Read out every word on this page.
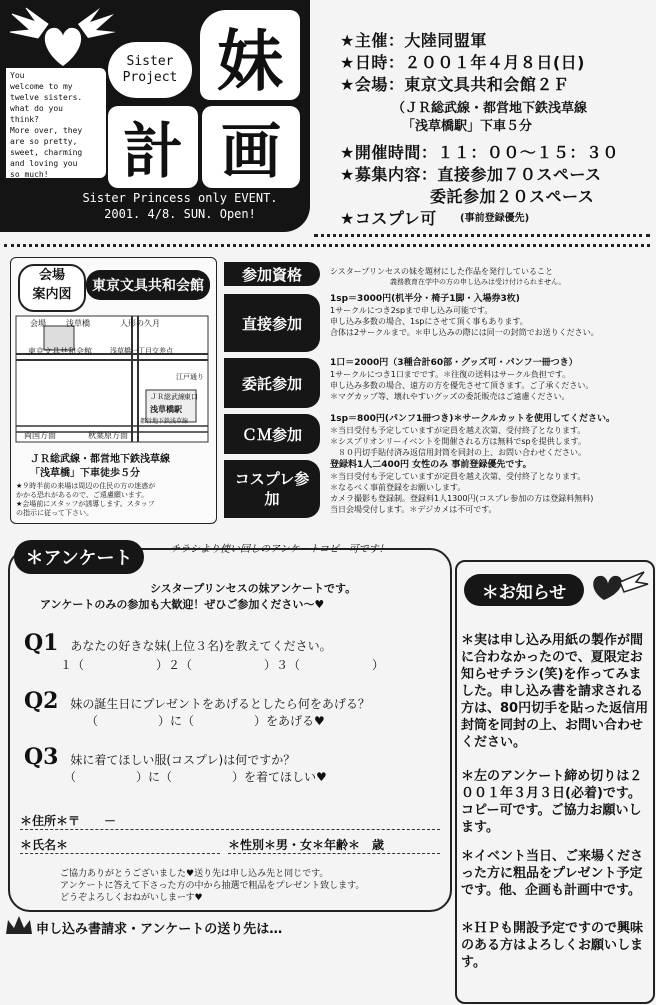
You
welcome to my
twelve sisters.
what do you
think?
More over, they
are so pretty,
sweet, charming
and loving you
so much!
Sister
Project 妹
計 画
Sister Princess only EVENT.
2001. 4/8. SUN. Open!
★主催：大陸同盟軍
★日時：２００１年４月８日(日)
★会場：東京文具共和会館２Ｆ
（ＪＲ総武線・都営地下鉄浅草線
「浅草橋駅」下車５分
★開催時間：１１：００～１５：３０
★募集内容：直接参加７０スペース
委託参加２０スペース
★コスプレ可 (事前登録優先)
会場
案内図
東京文具共和会館
会場	浅草橋	人形の久月
東京文具共和会館	浅草橋一丁目交差点
江戸通り
ＪＲ総武線 東口
浅草橋駅
都営地下鉄浅草線
両国方面	秋葉原方面
ＪＲ総武線・都営地下鉄浅草線
「浅草橋」下車徒歩５分
★９時半前の来場は周辺の住民の方の迷惑が
かかる恐れがあるので、ご遠慮願います。
★会場前にスタッフが誘導します。スタッフ
の指示に従って下さい。
参加資格	シスタープリンセスの妹を題材にした作品を発行していること
義務教育在学中の方の申し込みは受け付けられません。
直接参加
1sp＝3000円(机半分・椅子1脚・入場券3枚)
1サークルにつき2spまで申し込み可能です。
申し込み多数の場合、1spにさせて頂く事もあります。
合体は2サークルまで。＊申し込みの際には同一の封筒でお送りください。
委託参加
1口＝2000円（3種合計60部・グッズ可・パンフ一冊つき）
1サークルにつき1口までです。＊往復の送料はサークル負担です。
申し込み多数の場合、遠方の方を優先させて頂きます。ご了承ください。
＊マグカップ等、壊れやすいグッズの委託販売はご遠慮ください。
ＣＭ参加
1sp＝800円(パンフ1冊つき)＊サークルカットを使用してください。
＊当日受付も予定していますが定員を越え次第、受付終了となります。
＊シスプリオンリーイベントを開催される方は無料でspを提供します。
　８０円切手貼付済み返信用封筒を同封の上、お問い合わせください。
コスプレ参加
登録料1人二400円 女性のみ 事前登録優先です。
＊当日受付も予定していますが定員を越え次第、受付終了となります。
＊なるべく事前登録をお願いします。
カメラ撮影も登録制。登録料1人1300円(コスプレ参加の方は登録料無料)
当日会場受付します。＊デジカメは不可です。
＊アンケート	チラシより使い回しのアンケートコピー可です！
シスタープリンセスの妹アンケートです。
アンケートのみの参加も大歓迎！ぜひご参加ください～♥
Q1 あなたの好きな妹(上位３名)を教えてください。
１（　　　　　　）２（　　　　　　）３（　　　　　　）
Q2 妹の誕生日にプレゼントをあげるとしたら何をあげる？
（　　　　　）に（　　　　　）をあげる♥
Q3 妹に着てほしい服(コスプレ)は何ですか？
（　　　　　）に（　　　　　）を着てほしい♥
＊住所＊〒　　－
＊氏名＊	＊性別＊男・女＊年齢＊　歳
ご協力ありがとうございました♥送り先は申し込み先と同じです。
アンケートに答えて下さった方の中から抽選で粗品をプレゼント致します。
どうぞよろしくおねがいしまーす♥
申し込み書請求・アンケートの送り先は…
＊お知らせ
＊実は申し込み用紙の製作が間に合わなかったので、夏限定お知らせチラシ(笑)を作ってみました。申し込み書を請求される方は、80円切手を貼った返信用封筒を同封の上、お問い合わせください。
＊左のアンケート締め切りは２００１年３月３日(必着)です。コピー可です。ご協力お願いします。
＊イベント当日、ご来場くださった方に粗品をプレゼント予定です。他、企画も計画中です。
＊ＨＰも開設予定ですので興味のある方はよろしくお願いします。
